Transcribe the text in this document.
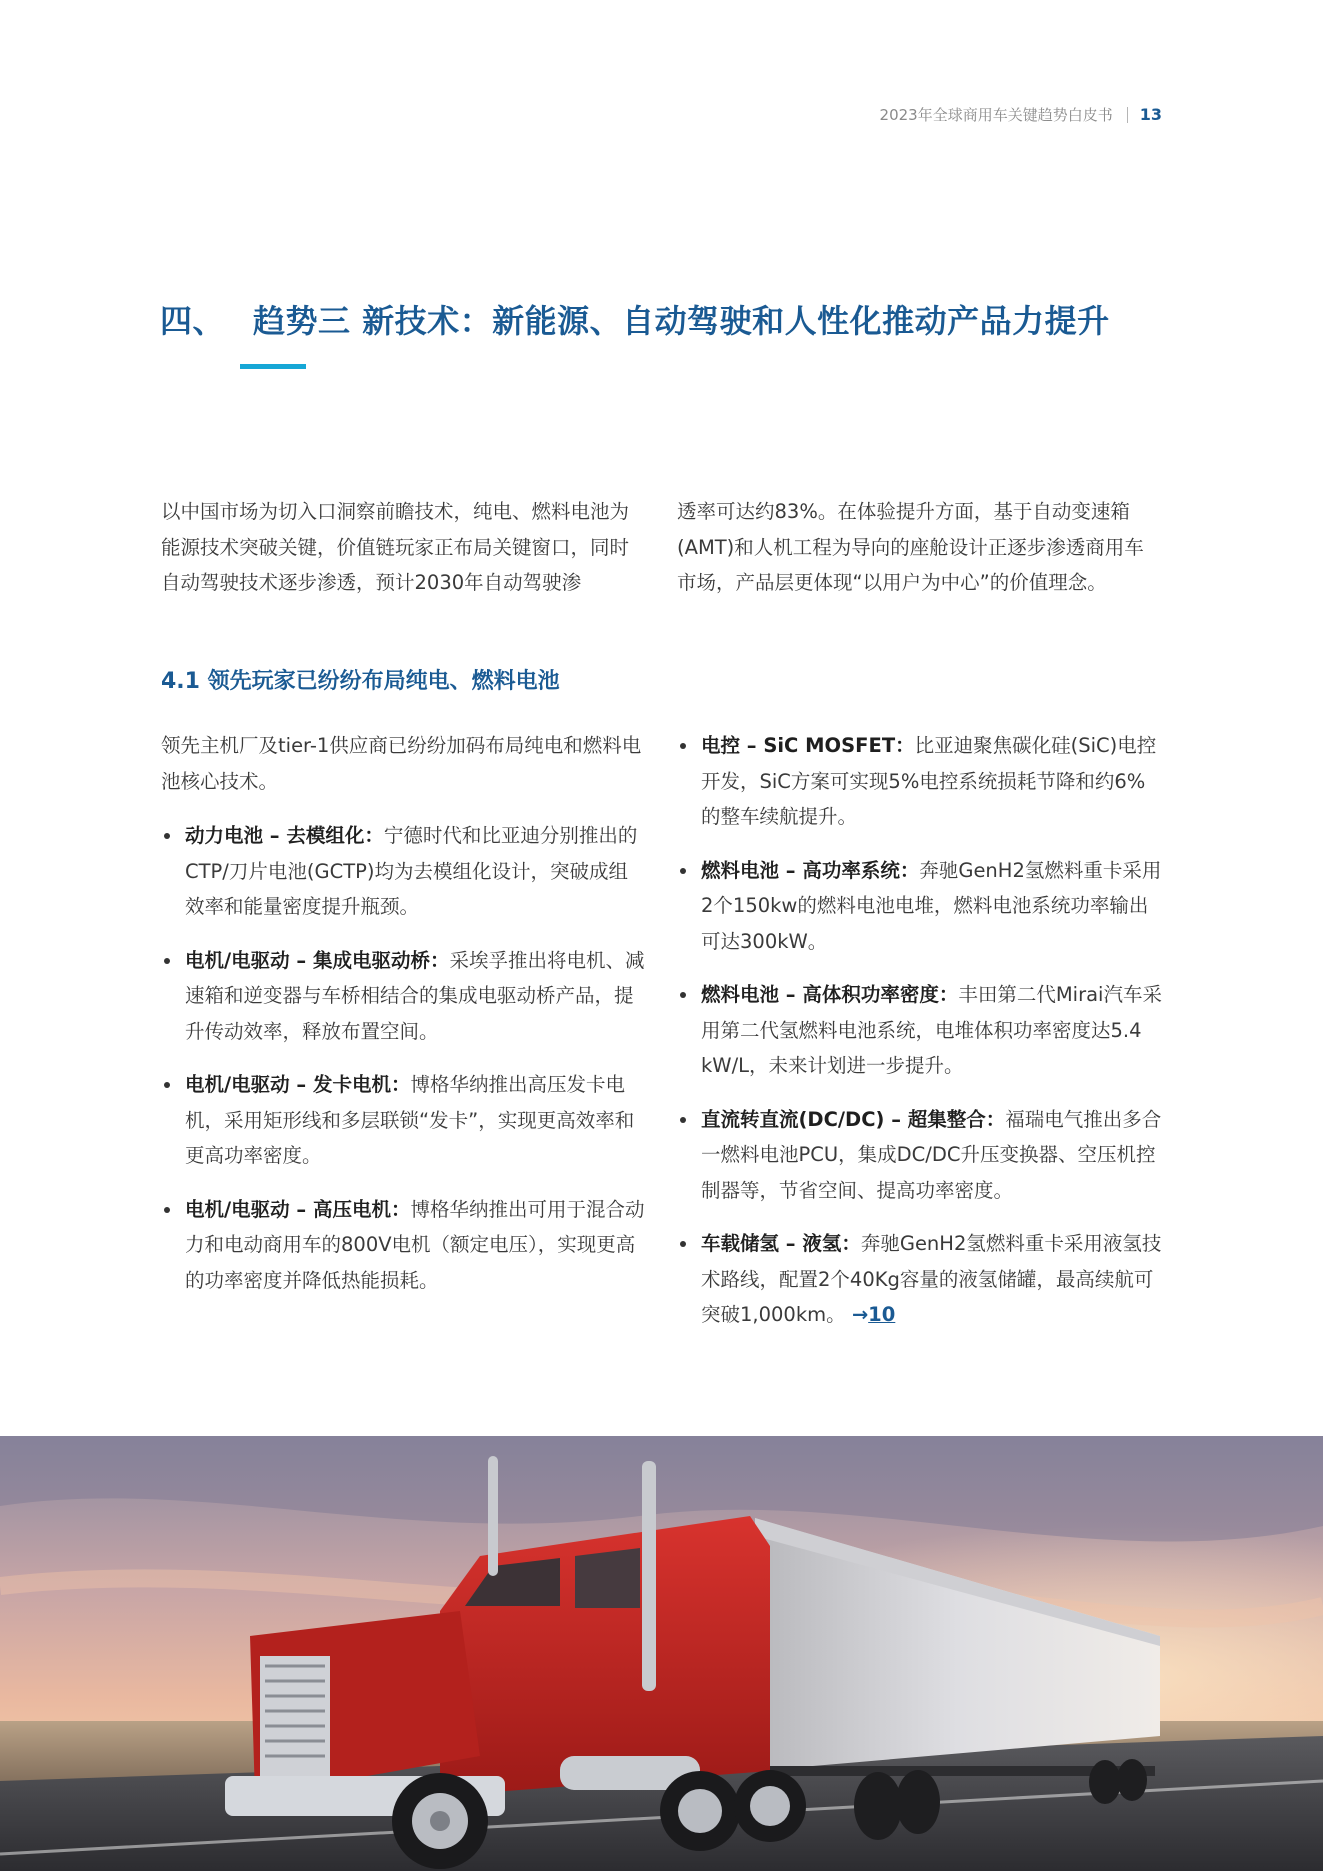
2023年全球商用车关键趋势白皮书 13
四、 趋势三 新技术：新能源、自动驾驶和人性化推动产品力提升
以中国市场为切入口洞察前瞻技术，纯电、燃料电池为能源技术突破关键，价值链玩家正布局关键窗口，同时自动驾驶技术逐步渗透，预计2030年自动驾驶渗
透率可达约83%。在体验提升方面，基于自动变速箱(AMT)和人机工程为导向的座舱设计正逐步渗透商用车市场，产品层更体现“以用户为中心”的价值理念。
4.1 领先玩家已纷纷布局纯电、燃料电池
领先主机厂及tier-1供应商已纷纷加码布局纯电和燃料电池核心技术。
动力电池 – 去模组化：宁德时代和比亚迪分别推出的CTP/刀片电池(GCTP)均为去模组化设计，突破成组效率和能量密度提升瓶颈。
电机/电驱动 – 集成电驱动桥：采埃孚推出将电机、减速箱和逆变器与车桥相结合的集成电驱动桥产品，提升传动效率，释放布置空间。
电机/电驱动 – 发卡电机：博格华纳推出高压发卡电机，采用矩形线和多层联锁“发卡”，实现更高效率和更高功率密度。
电机/电驱动 – 高压电机：博格华纳推出可用于混合动力和电动商用车的800V电机（额定电压），实现更高的功率密度并降低热能损耗。
电控 – SiC MOSFET：比亚迪聚焦碳化硅(SiC)电控开发，SiC方案可实现5%电控系统损耗节降和约6%的整车续航提升。
燃料电池 – 高功率系统：奔驰GenH2氢燃料重卡采用2个150kw的燃料电池电堆，燃料电池系统功率输出可达300kW。
燃料电池 – 高体积功率密度：丰田第二代Mirai汽车采用第二代氢燃料电池系统，电堆体积功率密度达5.4 kW/L，未来计划进一步提升。
直流转直流(DC/DC) – 超集整合：福瑞电气推出多合一燃料电池PCU，集成DC/DC升压变换器、空压机控制器等，节省空间、提高功率密度。
车载储氢 – 液氢：奔驰GenH2氢燃料重卡采用液氢技术路线，配置2个40Kg容量的液氢储罐，最高续航可突破1,000km。 →10
